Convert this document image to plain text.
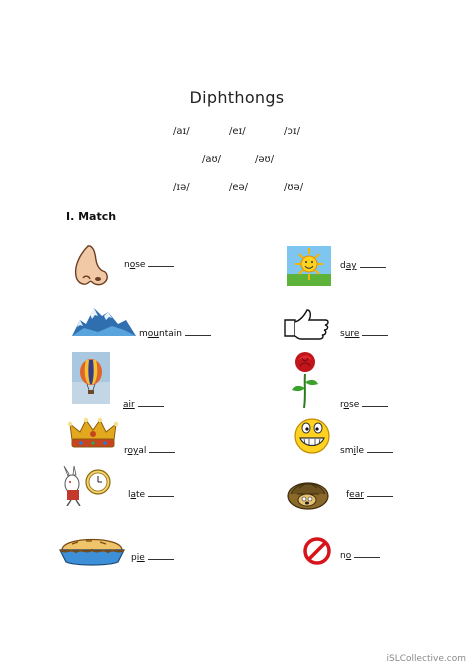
Diphthongs
/aɪ/	/eɪ/	/ɔɪ/
/aʊ/	/əʊ/
/ɪə/	/eə/	/ʊə/
I. Match
nose
mountain
air
royal
late
pie
day
sure
rose
smile
fear
no
iSLCollective.com
